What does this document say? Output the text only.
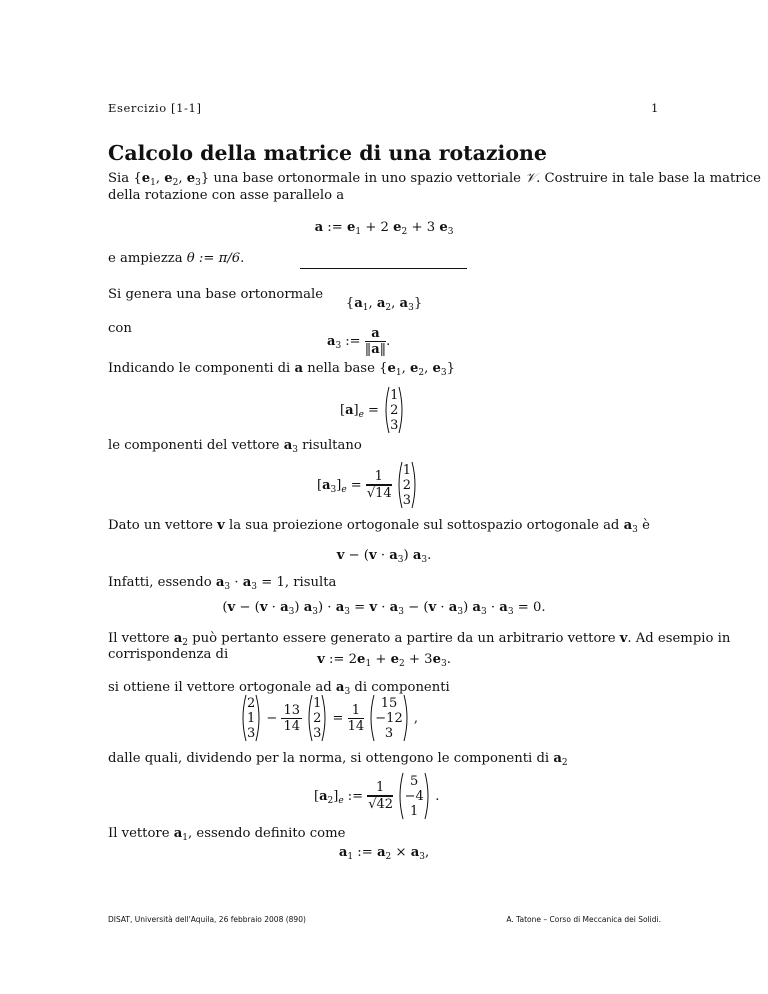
Esercizio [1-1]	1
Calcolo della matrice di una rotazione
Sia {$e_1$, $e_2$, $e_3$} una base ortonormale in uno spazio vettoriale 𝒱. Costruire in tale base la matrice
della rotazione con asse parallelo a
a := $e_1 + 2$ $e_2 + 3$ $e_3$
e ampiezza θ := π/6.
Si genera una base ortonormale
{$a_1$, $a_2$, $a_3$}
con
$a_3$ := $\frac{a}{‖a‖}$ .
Indicando le componenti di a nella base {$e_1$, $e_2$, $e_3$}
$[a]_e$ =
1
2
3
le componenti del vettore $a_3$ risultano
$[a_3]_e = \frac{1}{√14}$
1
2
3
Dato un vettore v la sua proiezione ortogonale sul sottospazio ortogonale ad $a_3$ è
$v - (v \cdot a_3)$ $a_3$.
Infatti, essendo $a_3 \cdot a_3 = 1$, risulta
($v - (v \cdot a_3)$ $a_3) \cdot a_3 = v \cdot a_3 - (v \cdot a_3)$ $a_3 \cdot a_3 = 0$.
Il vettore $a_2$ può pertanto essere generato a partire da un arbitrario vettore v. Ad esempio in
corrispondenza di	v := $2e_1 + e_2 + 3e_3$.
si ottiene il vettore ortogonale ad $a_3$ di componenti
2
1
3
− $\frac{13}{14}$
1
2
3
= $\frac{1}{14}$
	15
−12
3
,
dalle quali, dividendo per la norma, si ottengono le componenti di $a_2$
$[a_2]_e$ := $\frac{1}{√42}$
	5
−4
1
.
Il vettore $a_1$, essendo definito come
$a_1$ := $a_2 \times a_3$,
DISAT, Università dell'Aquila, 26 febbraio 2008 (890)	A. Tatone – Corso di Meccanica dei Solidi.
